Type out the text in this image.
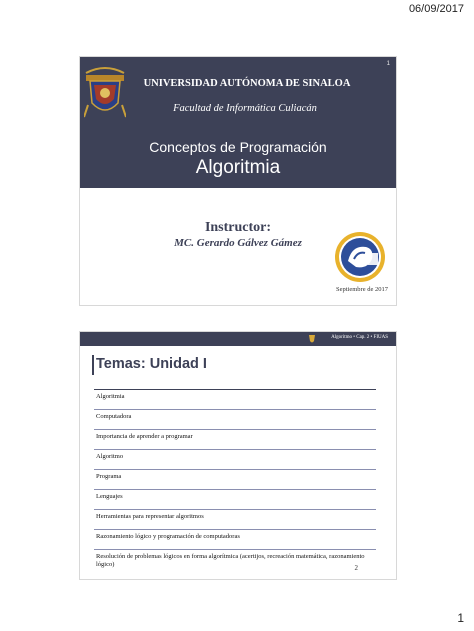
06/09/2017
1
UNIVERSIDAD AUTÓNOMA DE SINALOA
Facultad de Informática Culiacán
Conceptos de Programación
Algoritmia
Instructor:
MC. Gerardo Gálvez Gámez
Septiembre de 2017
Algoritmo • Cap. 2 • FIUAS
Temas: Unidad I
Algoritmia
Computadora
Importancia de aprender a programar
Algoritmo
Programa
Lenguajes
Herramientas para representar algoritmos
Razonamiento lógico y programación de computadoras
Resolución de problemas lógicos en forma algorítmica (acertijos, recreación matemática, razonamiento lógico)	2
1
